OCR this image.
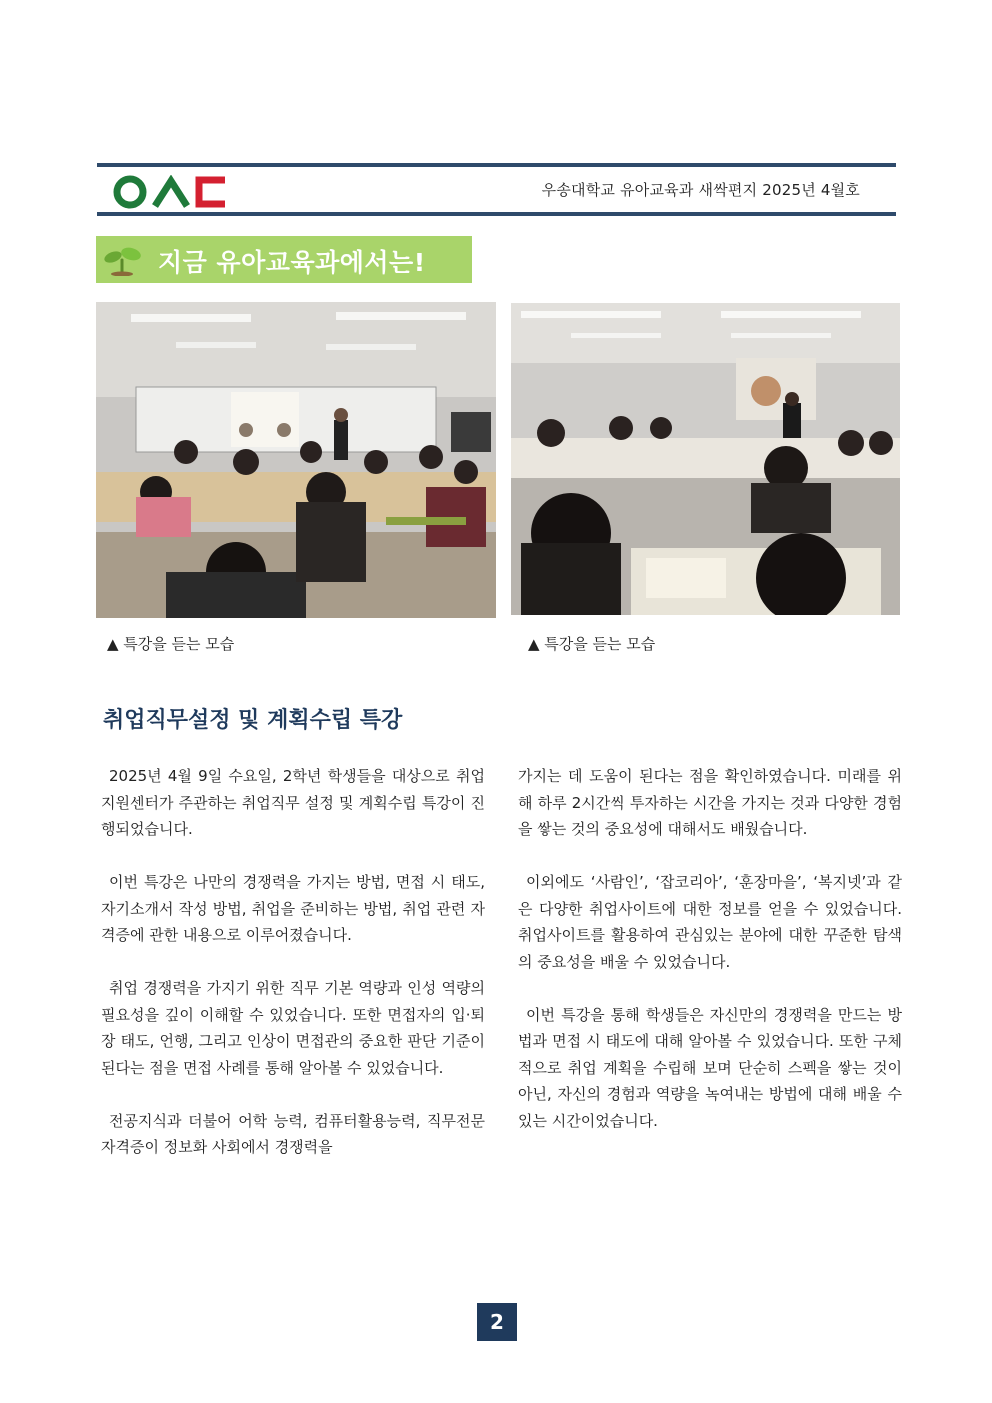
우송대학교 유아교육과 새싹편지 2025년 4월호
지금 유아교육과에서는!
▲ 특강을 듣는 모습	▲ 특강을 듣는 모습
취업직무설정 및 계획수립 특강

2025년 4월 9일 수요일, 2학년 학생들을 대상으로 취업지원센터가 주관하는 취업직무 설정 및 계획수립 특강이 진행되었습니다.

이번 특강은 나만의 경쟁력을 가지는 방법, 면접 시 태도, 자기소개서 작성 방법, 취업을 준비하는 방법, 취업 관련 자격증에 관한 내용으로 이루어졌습니다.

취업 경쟁력을 가지기 위한 직무 기본 역량과 인성 역량의 필요성을 깊이 이해할 수 있었습니다. 또한 면접자의 입·퇴장 태도, 언행, 그리고 인상이 면접관의 중요한 판단 기준이 된다는 점을 면접 사례를 통해 알아볼 수 있었습니다.

전공지식과 더불어 어학 능력, 컴퓨터활용능력, 직무전문자격증이 정보화 사회에서 경쟁력을

가지는 데 도움이 된다는 점을 확인하였습니다. 미래를 위해 하루 2시간씩 투자하는 시간을 가지는 것과 다양한 경험을 쌓는 것의 중요성에 대해서도 배웠습니다.

이외에도 ‘사람인’, ‘잡코리아’, ‘훈장마을’, ‘복지넷’과 같은 다양한 취업사이트에 대한 정보를 얻을 수 있었습니다. 취업사이트를 활용하여 관심있는 분야에 대한 꾸준한 탐색의 중요성을 배울 수 있었습니다.

이번 특강을 통해 학생들은 자신만의 경쟁력을 만드는 방법과 면접 시 태도에 대해 알아볼 수 있었습니다. 또한 구체적으로 취업 계획을 수립해 보며 단순히 스펙을 쌓는 것이 아닌, 자신의 경험과 역량을 녹여내는 방법에 대해 배울 수 있는 시간이었습니다.

2
